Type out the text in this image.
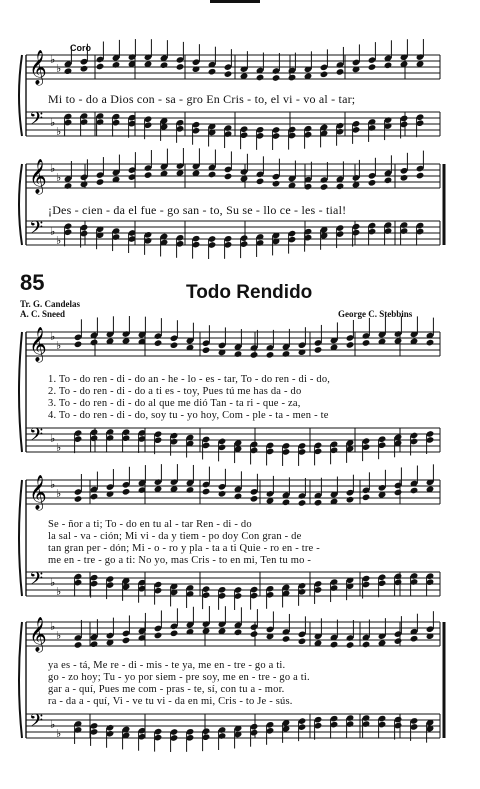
𝄞
𝄢
♭
♭
♭
♭
𝄞
𝄢
♭
♭
♭
♭
𝄞
𝄢
♭
♭
♭
♭
𝄞
𝄢
♭
♭
♭
♭
𝄞
𝄢
♭
♭
♭
♭
Coro
Mi to - do a Dios con - sa - gro En Cris - to, el vi - vo al - tar;
¡Des - cien - da el fue - go san - to, Su se - llo ce - les - tial!
85	Todo Rendido
Tr. G. Candelas
A. C. Sneed	George C. Stebbins
1. To - do ren - di - do an - he - lo - es - tar, To - do ren - di - do,
2. To - do ren - di - do a ti es - toy, Pues tú me has da - do
3. To - do ren - di - do al que me dió Tan - ta ri - que - za,
4. To - do ren - di - do, soy tu - yo hoy, Com - ple - ta - men - te
Se - ñor a ti; To - do en tu al - tar Ren - di - do
la sal - va - ción; Mi vi - da y tiem - po doy Con gran - de
tan gran per - dón; Mi - o - ro y pla - ta a ti Quie - ro en - tre -
me en - tre - go a ti: No yo, mas Cris - to en mi, Ten tu mo -
ya es - tá, Me re - di - mis - te ya, me en - tre - go a ti.
go - zo hoy; Tu - yo por siem - pre soy, me en - tre - go a ti.
gar a - quí, Pues me com - pras - te, sí, con tu a - mor.
ra - da a - quí, Vi - ve tu vi - da en mi, Cris - to Je - sús.
